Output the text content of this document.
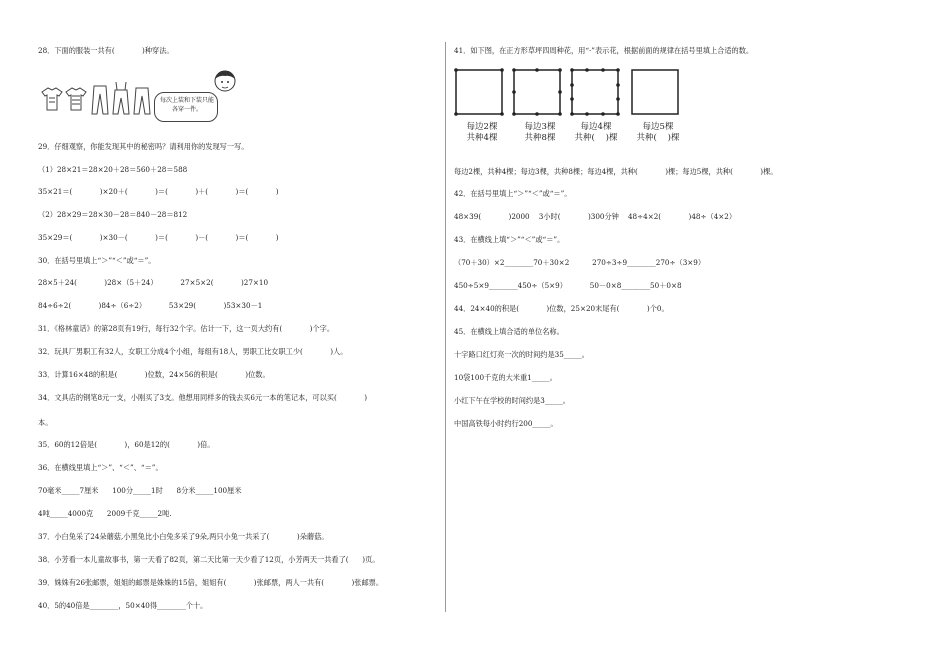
28．下面的服装一共有(            )种穿法。
每次上装和下装只能各穿一件。
29．仔细观察，你能发现其中的秘密吗？请利用你的发现写一写。
（1）28×21＝28×20＋28＝560＋28＝588
35×21＝(            )×20＋(            )＝(            )＋(            )＝(            )
（2）28×29＝28×30－28＝840－28＝812
35×29＝(            )×30－(            )＝(            )－(            )＝(            )
30．在括号里填上“＞”“＜”或“＝”。
28×5＋24(            )28×（5＋24）          27×5×2(            )27×10
84÷6÷2(            )84÷（6÷2）          53×29(            )53×30－1
31．《格林童话》的第28页有19行，每行32个字。估计一下，这一页大约有(            )个字。
32．玩具厂男职工有32人，女职工分成4个小组，每组有18人，男职工比女职工少(            )人。
33．计算16×48的积是(            )位数，24×56的积是(            )位数。
34．文具店的钢笔8元一支，小刚买了3支。他想用同样多的钱去买6元一本的笔记本，可以买(            )
本。
35．60的12倍是(            )，60是12的(            )倍。
36．在横线里填上“＞”、“＜”、“＝”。
70毫米_____7厘米      100分_____1时      8分米_____100厘米
4吨_____4000克      2009千克_____2吨.
37．小白兔采了24朵蘑菇,小黑兔比小白兔多采了9朵,两只小兔一共采了(            )朵蘑菇。
38．小芳看一本儿童故事书，第一天看了82页，第二天比第一天少看了12页，小芳两天一共看了(      )页。
39．姝姝有26张邮票，姐姐的邮票是姝姝的15倍，姐姐有(            )张邮票，两人一共有(            )张邮票。
40．5的40倍是________，50×40得________个十。
41．如下图，在正方形草坪四周种花，用“·”表示花，根据前面的规律在括号里填上合适的数。
每边2棵
共种4棵
每边3棵
共种8棵
每边4棵
共种(    )棵
每边5棵
共种(    )棵
每边2棵，共种4棵；每边3棵，共种8棵；每边4棵，共种(            )棵；每边5棵，共种(            )棵。
42．在括号里填上“＞”“＜”或“＝”。
48×39(            )2000    3小时(            )300分钟    48÷4×2(            )48÷（4×2）
43．在横线上填“＞”“＜”或“＝”。
（70＋30）×2________70＋30×2          270÷3÷9________270÷（3×9）
450÷5×9________450÷（5×9）          50－0×8________50＋0×8
44．24×40的积是(            )位数，25×20末尾有(            )个0。
45．在横线上填合适的单位名称。
十字路口红灯亮一次的时间约是35_____。
10袋100千克的大米重1_____。
小红下午在学校的时间约是3_____。
中国高铁每小时约行200_____。
